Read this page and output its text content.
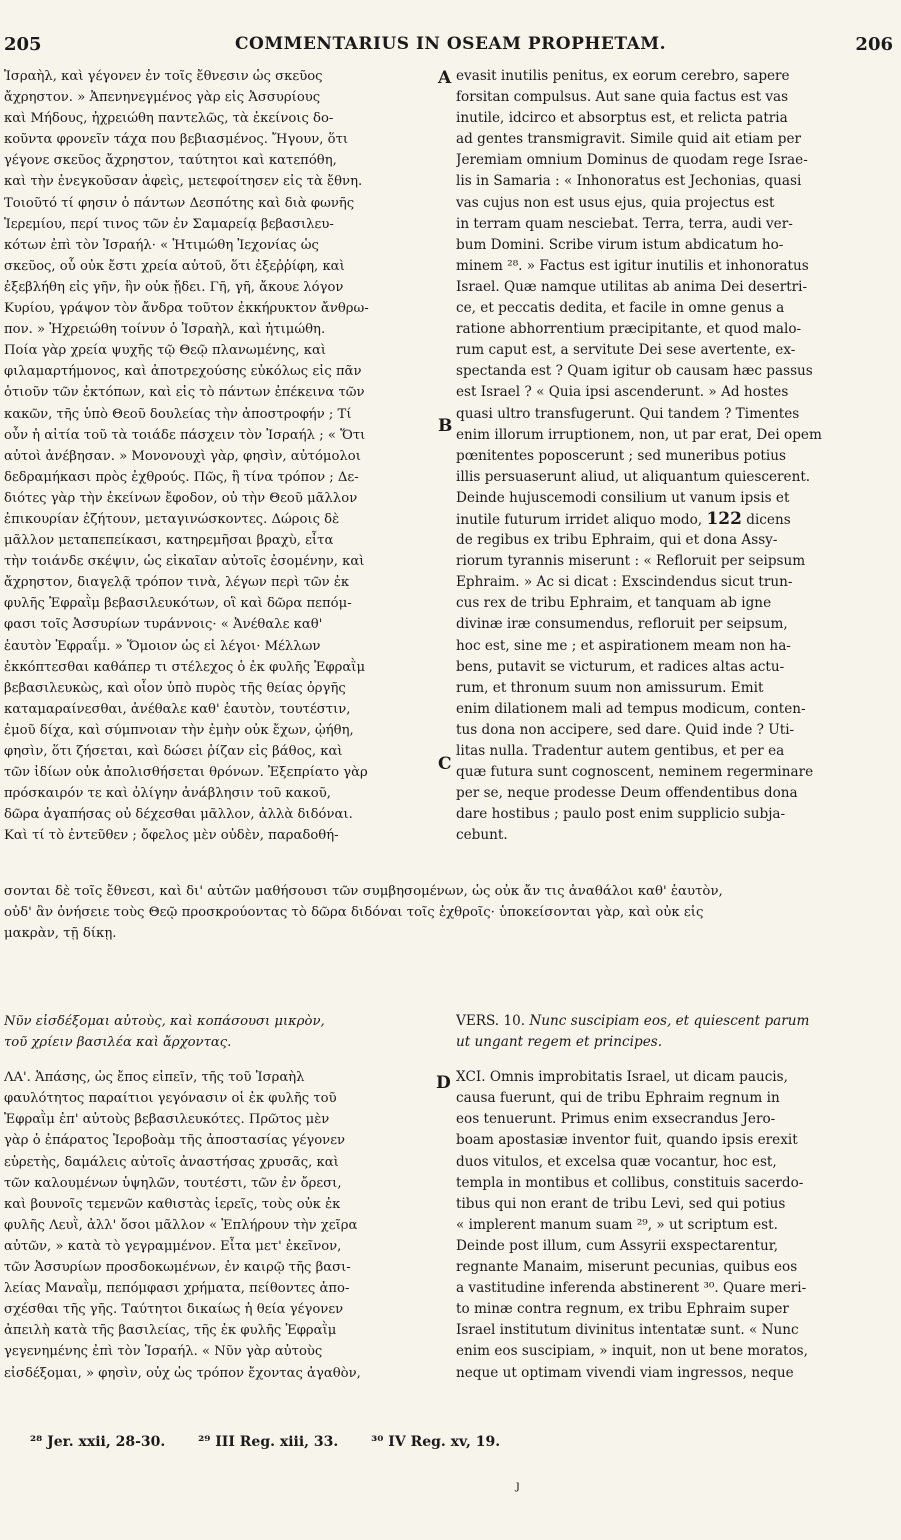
205	COMMENTARIUS IN OSEAM PROPHETAM.	206
A
B
C
D
Ἰσραὴλ, καὶ γέγονεν ἐν τοῖς ἔθνεσιν ὡς σκεῦος
ἄχρηστον. » Ἀπενηνεγμένος γὰρ εἰς Ἀσσυρίους
καὶ Μήδους, ἠχρειώθη παντελῶς, τὰ ἐκείνοις δο-
κοῦντα φρονεῖν τάχα που βεβιασμένος. Ἤγουν, ὅτι
γέγονε σκεῦος ἄχρηστον, ταύτητοι καὶ κατεπόθη,
καὶ τὴν ἐνεγκοῦσαν ἀφεὶς, μετεφοίτησεν εἰς τὰ ἔθνη.
Τοιοῦτό τί φησιν ὁ πάντων Δεσπότης καὶ διὰ φωνῆς
Ἱερεμίου, περί τινος τῶν ἐν Σαμαρείᾳ βεβασιλευ-
κότων ἐπὶ τὸν Ἰσραήλ· « Ἠτιμώθη Ἰεχονίας ὡς
σκεῦος, οὗ οὐκ ἔστι χρεία αὐτοῦ, ὅτι ἐξεῤῥίφη, καὶ
ἐξεβλήθη εἰς γῆν, ἣν οὐκ ᾔδει. Γῆ, γῆ, ἄκουε λόγον
Κυρίου, γράψον τὸν ἄνδρα τοῦτον ἐκκήρυκτον ἄνθρω-
πον. » Ἠχρειώθη τοίνυν ὁ Ἰσραὴλ, καὶ ἠτιμώθη.
Ποία γὰρ χρεία ψυχῆς τῷ Θεῷ πλανωμένης, καὶ
φιλαμαρτήμονος, καὶ ἀποτρεχούσης εὐκόλως εἰς πᾶν
ὁτιοῦν τῶν ἐκτόπων, καὶ εἰς τὸ πάντων ἐπέκεινα τῶν
κακῶν, τῆς ὑπὸ Θεοῦ δουλείας τὴν ἀποστροφήν ; Τί
οὖν ἡ αἰτία τοῦ τὰ τοιάδε πάσχειν τὸν Ἰσραήλ ; « Ὅτι
αὐτοὶ ἀνέβησαν. » Μονονουχὶ γὰρ, φησὶν, αὐτόμολοι
δεδραμήκασι πρὸς ἐχθρούς. Πῶς, ἢ τίνα τρόπον ; Δε-
διότες γὰρ τὴν ἐκείνων ἔφοδον, οὐ τὴν Θεοῦ μᾶλλον
ἐπικουρίαν ἐζήτουν, μεταγινώσκοντες. Δώροις δὲ
μᾶλλον μεταπεπείκασι, κατηρεμῆσαι βραχὺ, εἶτα
τὴν τοιάνδε σκέψιν, ὡς εἰκαῖαν αὐτοῖς ἐσομένην, καὶ
ἄχρηστον, διαγελᾷ τρόπον τινὰ, λέγων περὶ τῶν ἐκ
φυλῆς Ἐφραῒμ βεβασιλευκότων, οἳ καὶ δῶρα πεπόμ-
φασι τοῖς Ἀσσυρίων τυράννοις· « Ἀνέθαλε καθ'
ἑαυτὸν Ἐφραΐμ. » Ὅμοιον ὡς εἰ λέγοι· Μέλλων
ἐκκόπτεσθαι καθάπερ τι στέλεχος ὁ ἐκ φυλῆς Ἐφραῒμ
βεβασιλευκὼς, καὶ οἷον ὑπὸ πυρὸς τῆς θείας ὀργῆς
καταμαραίνεσθαι, ἀνέθαλε καθ' ἑαυτὸν, τουτέστιν,
ἐμοῦ δίχα, καὶ σύμπνοιαν τὴν ἐμὴν οὐκ ἔχων, ᾠήθη,
φησὶν, ὅτι ζήσεται, καὶ δώσει ῥίζαν εἰς βάθος, καὶ
τῶν ἰδίων οὐκ ἀπολισθήσεται θρόνων. Ἐξεπρίατο γὰρ
πρόσκαιρόν τε καὶ ὀλίγην ἀνάβλησιν τοῦ κακοῦ,
δῶρα ἀγαπήσας οὐ δέχεσθαι μᾶλλον, ἀλλὰ διδόναι.
Καὶ τί τὸ ἐντεῦθεν ; ὄφελος μὲν οὐδὲν, παραδοθή-
evasit inutilis penitus, ex eorum cerebro, sapere
forsitan compulsus. Aut sane quia factus est vas
inutile, idcirco et absorptus est, et relicta patria
ad gentes transmigravit. Simile quid ait etiam per
Jeremiam omnium Dominus de quodam rege Israe-
lis in Samaria : « Inhonoratus est Jechonias, quasi
vas cujus non est usus ejus, quia projectus est
in terram quam nesciebat. Terra, terra, audi ver-
bum Domini. Scribe virum istum abdicatum ho-
minem ²⁸. » Factus est igitur inutilis et inhonoratus
Israel. Quæ namque utilitas ab anima Dei desertri-
ce, et peccatis dedita, et facile in omne genus a
ratione abhorrentium præcipitante, et quod malo-
rum caput est, a servitute Dei sese avertente, ex-
spectanda est ? Quam igitur ob causam hæc passus
est Israel ? « Quia ipsi ascenderunt. » Ad hostes
quasi ultro transfugerunt. Qui tandem ? Timentes
enim illorum irruptionem, non, ut par erat, Dei opem
pœnitentes poposcerunt ; sed muneribus potius
illis persuaserunt aliud, ut aliquantum quiescerent.
Deinde hujuscemodi consilium ut vanum ipsis et
inutile futurum irridet aliquo modo, 122 dicens
de regibus ex tribu Ephraim, qui et dona Assy-
riorum tyrannis miserunt : « Refloruit per seipsum
Ephraim. » Ac si dicat : Exscindendus sicut trun-
cus rex de tribu Ephraim, et tanquam ab igne
divinæ iræ consumendus, refloruit per seipsum,
hoc est, sine me ; et aspirationem meam non ha-
bens, putavit se victurum, et radices altas actu-
rum, et thronum suum non amissurum. Emit
enim dilationem mali ad tempus modicum, conten-
tus dona non accipere, sed dare. Quid inde ? Uti-
litas nulla. Tradentur autem gentibus, et per ea
quæ futura sunt cognoscent, neminem regerminare
per se, neque prodesse Deum offendentibus dona
dare hostibus ; paulo post enim supplicio subja-
cebunt.
σονται δὲ τοῖς ἔθνεσι, καὶ δι' αὐτῶν μαθήσουσι τῶν συμβησομένων, ὡς οὐκ ἄν τις ἀναθάλοι καθ' ἑαυτὸν,
οὐδ' ἂν ὀνήσειε τοὺς Θεῷ προσκρούοντας τὸ δῶρα διδόναι τοῖς ἐχθροῖς· ὑποκείσονται γὰρ, καὶ οὐκ εἰς
μακρὰν, τῇ δίκῃ.
Νῦν εἰσδέξομαι αὐτοὺς, καὶ κοπάσουσι μικρὸν,
τοῦ χρίειν βασιλέα καὶ ἄρχοντας.
ΛΑ'. Ἁπάσης, ὡς ἔπος εἰπεῖν, τῆς τοῦ Ἰσραὴλ
φαυλότητος παραίτιοι γεγόνασιν οἱ ἐκ φυλῆς τοῦ
Ἐφραῒμ ἐπ' αὐτοὺς βεβασιλευκότες. Πρῶτος μὲν
γὰρ ὁ ἐπάρατος Ἱεροβοὰμ τῆς ἀποστασίας γέγονεν
εὑρετὴς, δαμάλεις αὐτοῖς ἀναστήσας χρυσᾶς, καὶ
τῶν καλουμένων ὑψηλῶν, τουτέστι, τῶν ἐν ὄρεσι,
καὶ βουνοῖς τεμενῶν καθιστὰς ἱερεῖς, τοὺς οὐκ ἐκ
φυλῆς Λευῒ, ἀλλ' ὅσοι μᾶλλον « Ἐπλήρουν τὴν χεῖρα
αὐτῶν, » κατὰ τὸ γεγραμμένον. Εἶτα μετ' ἐκεῖνον,
τῶν Ἀσσυρίων προσδοκωμένων, ἐν καιρῷ τῆς βασι-
λείας Μαναῒμ, πεπόμφασι χρήματα, πείθοντες ἀπο-
σχέσθαι τῆς γῆς. Ταύτητοι δικαίως ἡ θεία γέγονεν
ἀπειλὴ κατὰ τῆς βασιλείας, τῆς ἐκ φυλῆς Ἐφραῒμ
γεγενημένης ἐπὶ τὸν Ἰσραήλ. « Νῦν γὰρ αὐτοὺς
εἰσδέξομαι, » φησὶν, οὐχ ὡς τρόπον ἔχοντας ἀγαθὸν,
VERS. 10. Nunc suscipiam eos, et quiescent parum
ut ungant regem et principes.
XCI. Omnis improbitatis Israel, ut dicam paucis,
causa fuerunt, qui de tribu Ephraim regnum in
eos tenuerunt. Primus enim exsecrandus Jero-
boam apostasiæ inventor fuit, quando ipsis erexit
duos vitulos, et excelsa quæ vocantur, hoc est,
templa in montibus et collibus, constituis sacerdo-
tibus qui non erant de tribu Levi, sed qui potius
« implerent manum suam ²⁹, » ut scriptum est.
Deinde post illum, cum Assyrii exspectarentur,
regnante Manaim, miserunt pecunias, quibus eos
a vastitudine inferenda abstinerent ³⁰. Quare meri-
to minæ contra regnum, ex tribu Ephraim super
Israel institutum divinitus intentatæ sunt. « Nunc
enim eos suscipiam, » inquit, non ut bene moratos,
neque ut optimam vivendi viam ingressos, neque
²⁸ Jer. xxii, 28-30. ²⁹ III Reg. xiii, 33. ³⁰ IV Reg. xv, 19.
ȷ
